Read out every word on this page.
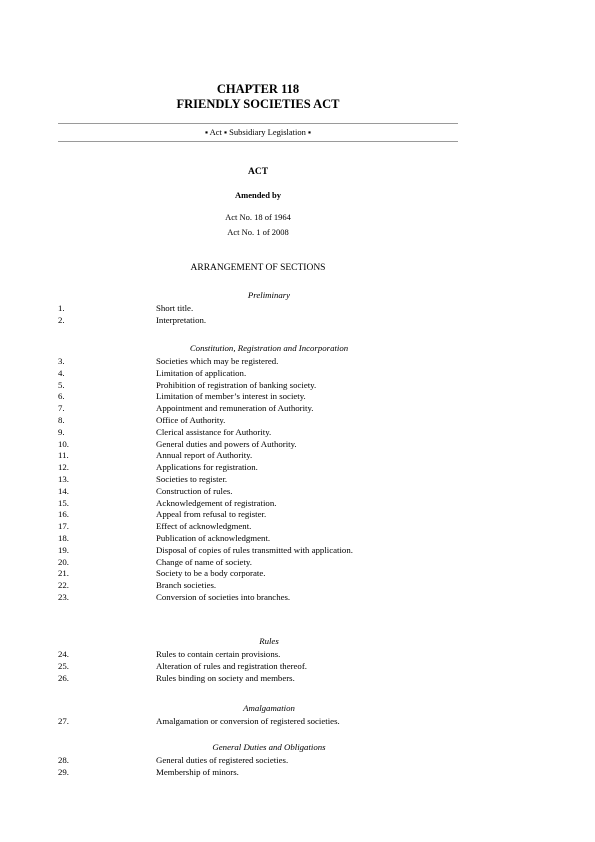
CHAPTER 118
FRIENDLY SOCIETIES ACT
▪ Act ▪ Subsidiary Legislation ▪
ACT
Amended by
Act No. 18 of 1964
Act No. 1 of 2008
ARRANGEMENT OF SECTIONS
Preliminary
1.	Short title.
2.	Interpretation.
Constitution, Registration and Incorporation
3.	Societies which may be registered.
4.	Limitation of application.
5.	Prohibition of registration of banking society.
6.	Limitation of member’s interest in society.
7.	Appointment and remuneration of Authority.
8.	Office of Authority.
9.	Clerical assistance for Authority.
10.	General duties and powers of Authority.
11.	Annual report of Authority.
12.	Applications for registration.
13.	Societies to register.
14.	Construction of rules.
15.	Acknowledgement of registration.
16.	Appeal from refusal to register.
17.	Effect of acknowledgment.
18.	Publication of acknowledgment.
19.	Disposal of copies of rules transmitted with application.
20.	Change of name of society.
21.	Society to be a body corporate.
22.	Branch societies.
23.	Conversion of societies into branches.
Rules
24.	Rules to contain certain provisions.
25.	Alteration of rules and registration thereof.
26.	Rules binding on society and members.
Amalgamation
27.	Amalgamation or conversion of registered societies.
General Duties and Obligations
28.	General duties of registered societies.
29.	Membership of minors.
